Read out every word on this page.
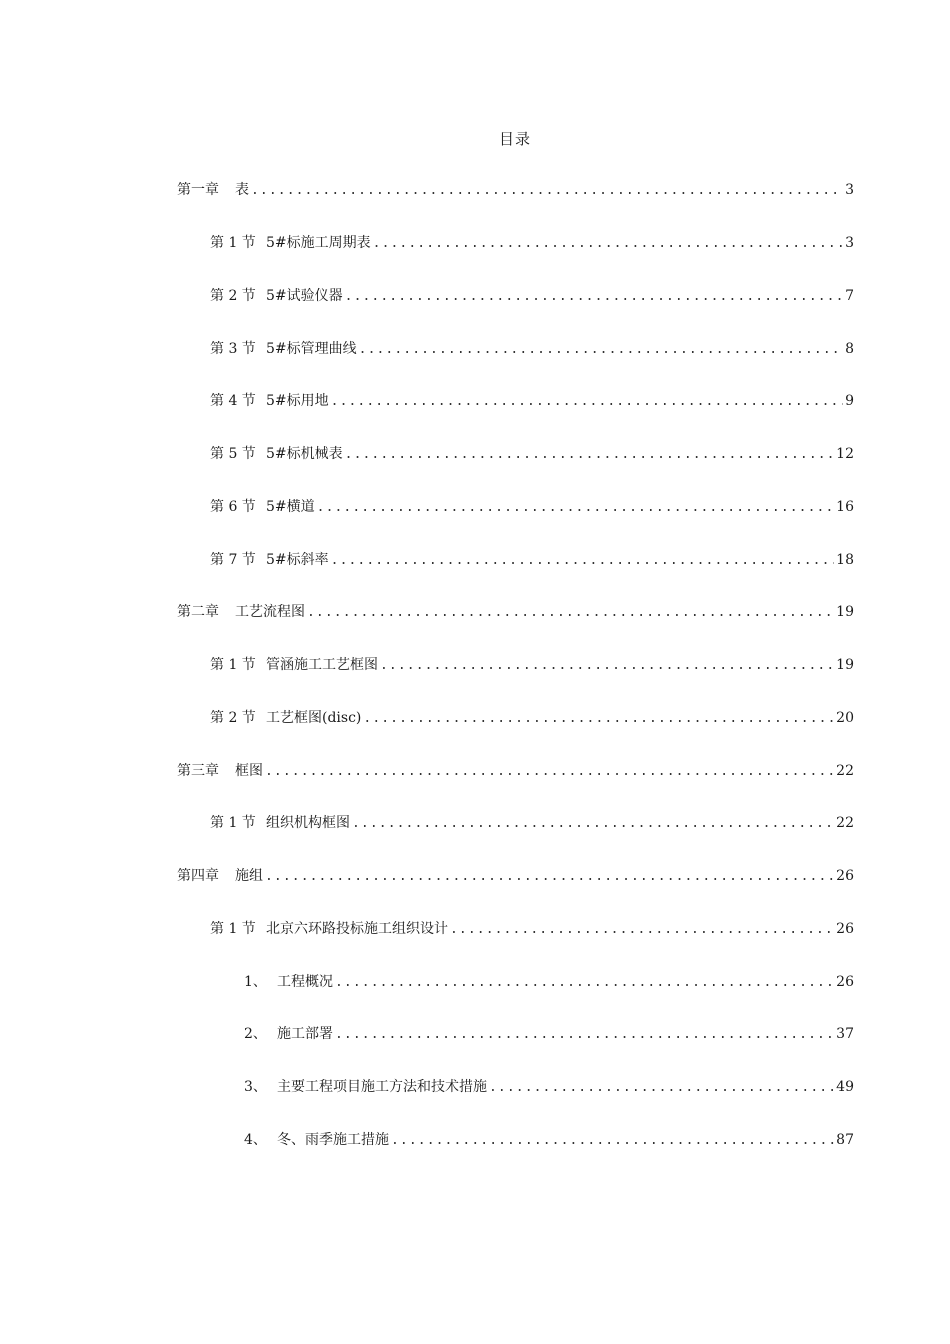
目录
第一章	表 .....	3
第 1 节 5#标施工周期表 .....	3
第 2 节 5#试验仪器 .....	7
第 3 节 5#标管理曲线 .....	8
第 4 节 5#标用地 .....	9
第 5 节 5#标机械表 .....	12
第 6 节 5#横道 .....	16
第 7 节 5#标斜率 .....	18
第二章	工艺流程图 .....	19
第 1 节 管涵施工工艺框图 .....	19
第 2 节 工艺框图(disc) .....	20
第三章	框图 .....	22
第 1 节 组织机构框图 .....	22
第四章	施组 .....	26
第 1 节 北京六环路投标施工组织设计 .....	26
1、 工程概况 .....	26
2、 施工部署 .....	37
3、 主要工程项目施工方法和技术措施 .....	49
4、 冬、雨季施工措施 .....	87
